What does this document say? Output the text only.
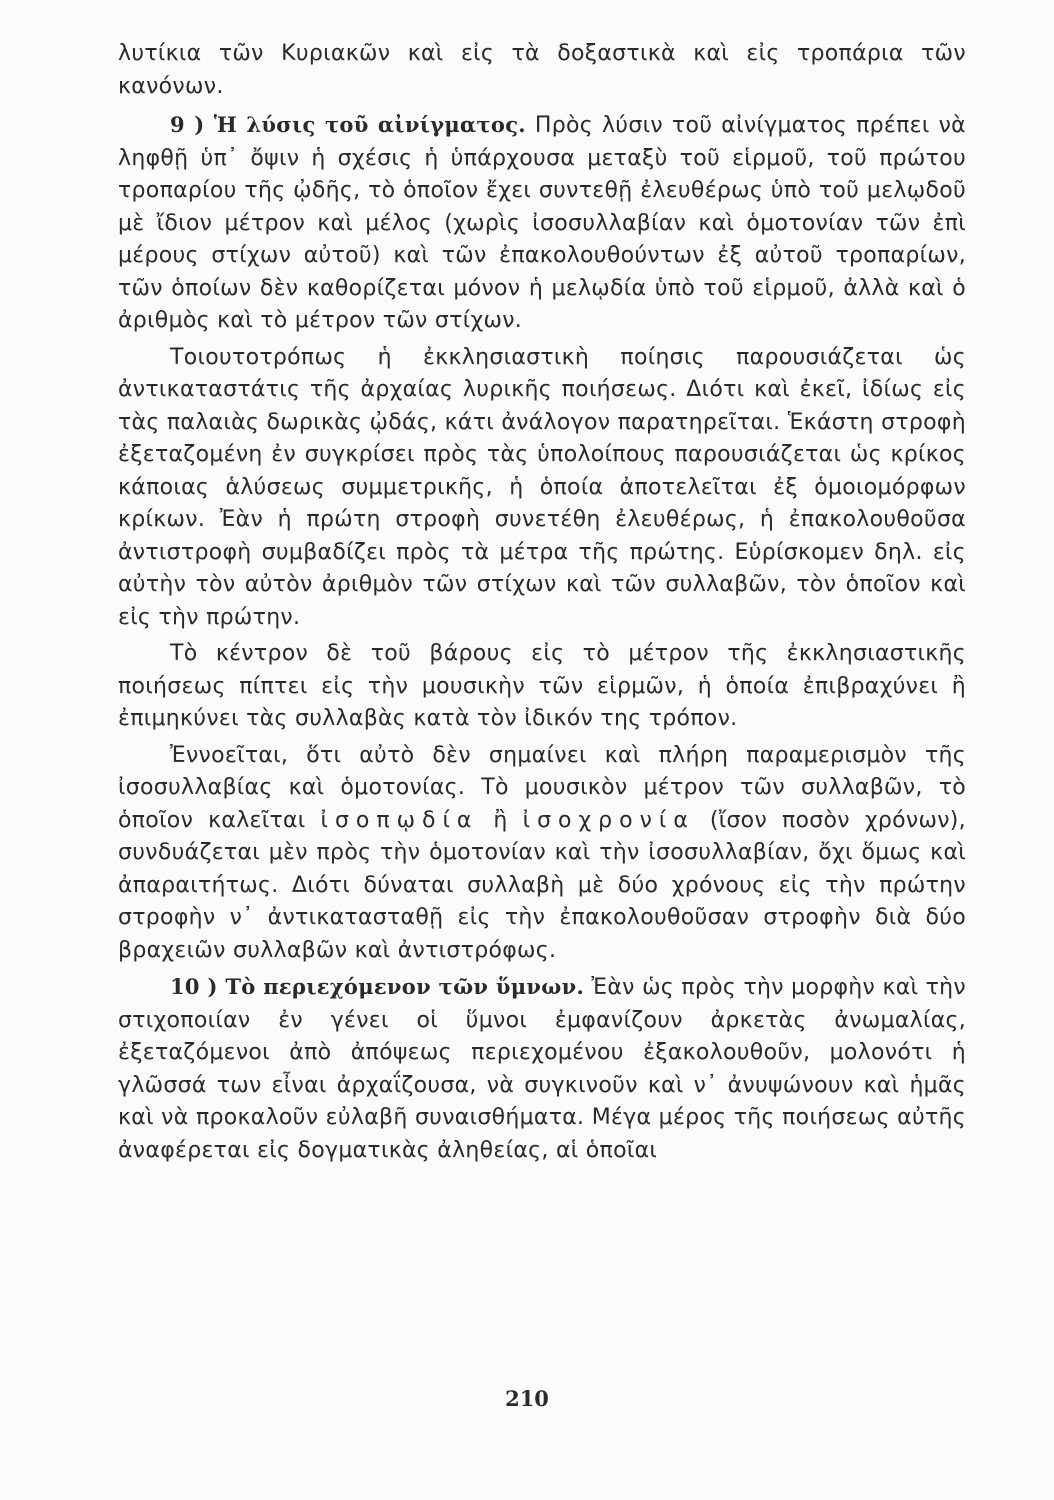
λυτίκια τῶν Κυριακῶν καὶ εἰς τὰ δοξαστικὰ καὶ εἰς τροπάρια τῶν κανόνων.

9 ) Ἡ λύσις τοῦ αἰνίγματος. Πρὸς λύσιν τοῦ αἰνίγματος πρέπει νὰ ληφθῇ ὑπ᾿ ὄψιν ἡ σχέσις ἡ ὑπάρχουσα μεταξὺ τοῦ εἱρμοῦ, τοῦ πρώτου τροπαρίου τῆς ᾠδῆς, τὸ ὁποῖον ἔχει συντεθῇ ἐλευθέρως ὑπὸ τοῦ μελῳδοῦ μὲ ἴδιον μέτρον καὶ μέλος (χωρὶς ἰσοσυλλαβίαν καὶ ὁμοτονίαν τῶν ἐπὶ μέρους στίχων αὐτοῦ) καὶ τῶν ἐπακολουθούντων ἐξ αὐτοῦ τροπαρίων, τῶν ὁποίων δὲν καθορίζεται μόνον ἡ μελῳδία ὑπὸ τοῦ εἱρμοῦ, ἀλλὰ καὶ ὁ ἀριθμὸς καὶ τὸ μέτρον τῶν στίχων.

Τοιουτοτρόπως ἡ ἐκκλησιαστικὴ ποίησις παρουσιάζεται ὡς ἀντικαταστάτις τῆς ἀρχαίας λυρικῆς ποιήσεως. Διότι καὶ ἐκεῖ, ἰδίως εἰς τὰς παλαιὰς δωρικὰς ᾠδάς, κάτι ἀνάλογον παρατηρεῖται. Ἑκάστη στροφὴ ἐξεταζομένη ἐν συγκρίσει πρὸς τὰς ὑπολοίπους παρουσιάζεται ὡς κρίκος κάποιας ἁλύσεως συμμετρικῆς, ἡ ὁποία ἀποτελεῖται ἐξ ὁμοιομόρφων κρίκων. Ἐὰν ἡ πρώτη στροφὴ συνετέθη ἐλευθέρως, ἡ ἐπακολουθοῦσα ἀντιστροφὴ συμβαδίζει πρὸς τὰ μέτρα τῆς πρώτης. Εὑρίσκομεν δηλ. εἰς αὐτὴν τὸν αὐτὸν ἀριθμὸν τῶν στίχων καὶ τῶν συλλαβῶν, τὸν ὁποῖον καὶ εἰς τὴν πρώτην.

Τὸ κέντρον δὲ τοῦ βάρους εἰς τὸ μέτρον τῆς ἐκκλησιαστικῆς ποιήσεως πίπτει εἰς τὴν μουσικὴν τῶν εἱρμῶν, ἡ ὁποία ἐπιβραχύνει ἢ ἐπιμηκύνει τὰς συλλαβὰς κατὰ τὸν ἰδικόν της τρόπον.

Ἐννοεῖται, ὅτι αὐτὸ δὲν σημαίνει καὶ πλήρη παραμερισμὸν τῆς ἰσοσυλλαβίας καὶ ὁμοτονίας. Τὸ μουσικὸν μέτρον τῶν συλλαβῶν, τὸ ὁποῖον καλεῖται ἰσοπῳδία ἢ ἰσοχρονία (ἴσον ποσὸν χρόνων), συνδυάζεται μὲν πρὸς τὴν ὁμοτονίαν καὶ τὴν ἰσοσυλλαβίαν, ὄχι ὅμως καὶ ἀπαραιτήτως. Διότι δύναται συλλαβὴ μὲ δύο χρόνους εἰς τὴν πρώτην στροφὴν ν᾿ ἀντικατασταθῇ εἰς τὴν ἐπακολουθοῦσαν στροφὴν διὰ δύο βραχειῶν συλλαβῶν καὶ ἀντιστρόφως.

10 ) Τὸ περιεχόμενον τῶν ὕμνων. Ἐὰν ὡς πρὸς τὴν μορφὴν καὶ τὴν στιχοποιίαν ἐν γένει οἱ ὕμνοι ἐμφανίζουν ἀρκετὰς ἀνωμαλίας, ἐξεταζόμενοι ἀπὸ ἀπόψεως περιεχομένου ἐξακολουθοῦν, μολονότι ἡ γλῶσσά των εἶναι ἀρχαΐζουσα, νὰ συγκινοῦν καὶ ν᾿ ἀνυψώνουν καὶ ἡμᾶς καὶ νὰ προκαλοῦν εὐλαβῆ συναισθήματα. Μέγα μέρος τῆς ποιήσεως αὐτῆς ἀναφέρεται εἰς δογματικὰς ἀληθείας, αἱ ὁποῖαι

210
